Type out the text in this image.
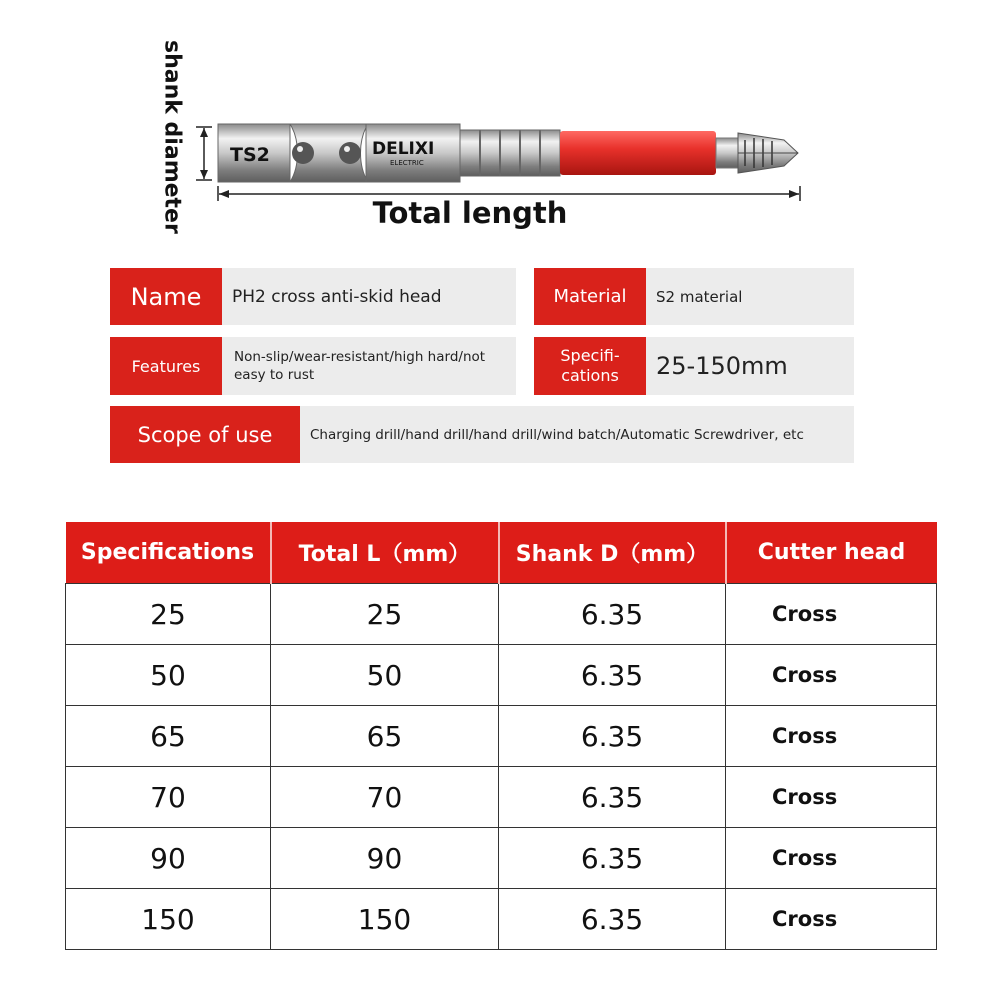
TS2	DELIXI
ELECTRIC
shank diameter	Total length
Name	PH2 cross anti-skid head	Material	S2 material
Features	Non-slip/wear-resistant/high hard/not easy to rust
Specifi-
cations	25-150mm
Scope of use	Charging drill/hand drill/hand drill/wind batch/Automatic Screwdriver, etc
Specifications	Total L（mm）	Shank D（mm）	Cutter head
25	25	6.35	Cross
50	50	6.35	Cross
65	65	6.35	Cross
70	70	6.35	Cross
90	90	6.35	Cross
150	150	6.35	Cross
